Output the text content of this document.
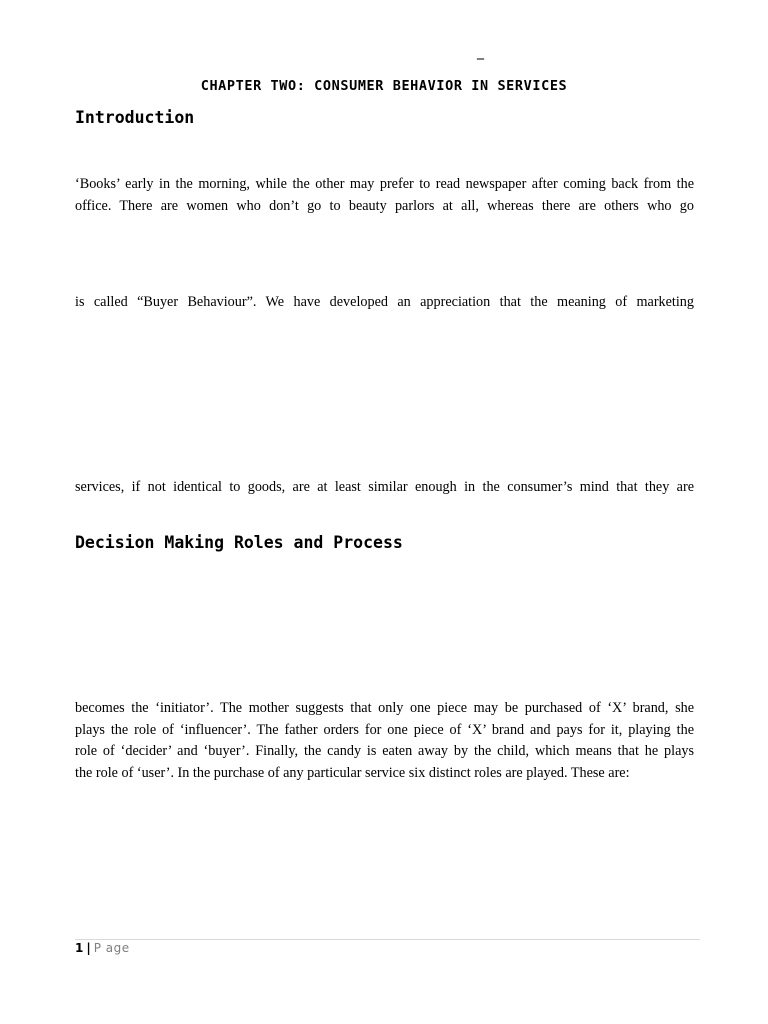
_
CHAPTER TWO: CONSUMER BEHAVIOR IN SERVICES
Introduction
‘Books’ early in the morning, while the other may prefer to read newspaper after coming back from the
office. There are women who don’t go to beauty parlors at all, whereas there are others who go
is called “Buyer Behaviour”. We have developed an appreciation that the meaning of marketing
services, if not identical to goods, are at least similar enough in the consumer’s mind that they are
Decision Making Roles and Process
becomes the ‘initiator’. The mother suggests that only one piece may be purchased of ‘X’ brand, she
plays the role of ‘influencer’. The father orders for one piece of ‘X’ brand and pays for it, playing the
role of ‘decider’ and ‘buyer’. Finally, the candy is eaten away by the child, which means that he plays
the role of ‘user’. In the purchase of any particular service six distinct roles are played. These are:
1 | P age
